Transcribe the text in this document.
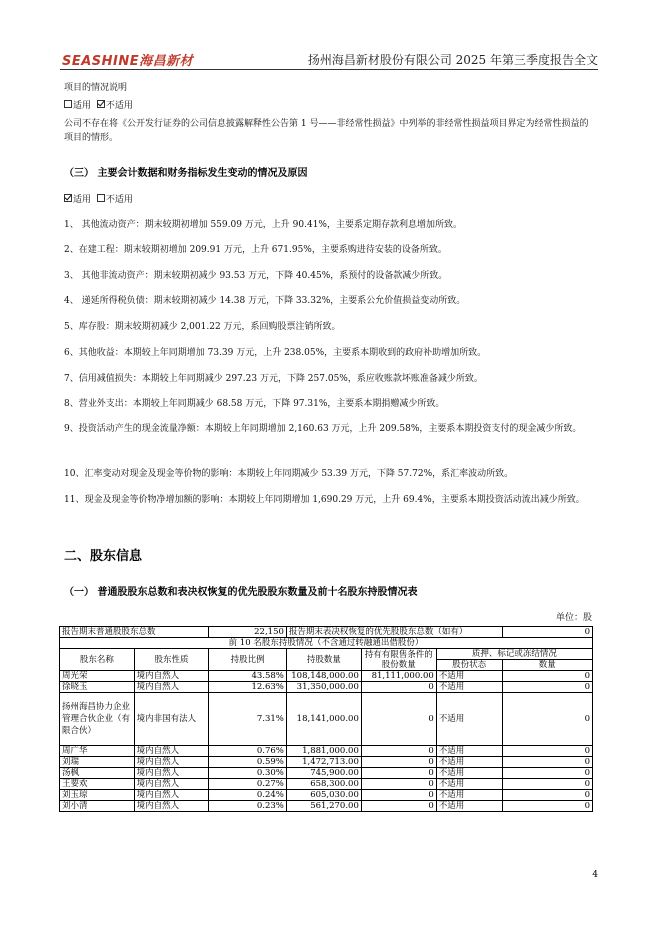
SEASHINE海昌新材	扬州海昌新材股份有限公司 2025 年第三季度报告全文
项目的情况说明
适用 不适用
公司不存在将《公开发行证券的公司信息披露解释性公告第 1 号——非经常性损益》中列举的非经常性损益项目界定为经常性损益的项目的情形。
（三） 主要会计数据和财务指标发生变动的情况及原因
适用 不适用
1、 其他流动资产：期末较期初增加 559.09 万元，上升 90.41%，主要系定期存款利息增加所致。
2、在建工程：期末较期初增加 209.91 万元，上升 671.95%，主要系购进待安装的设备所致。
3、 其他非流动资产：期末较期初减少 93.53 万元，下降 40.45%，系预付的设备款减少所致。
4、 递延所得税负债：期末较期初减少 14.38 万元，下降 33.32%，主要系公允价值损益变动所致。
5、库存股：期末较期初减少 2,001.22 万元，系回购股票注销所致。
6、其他收益：本期较上年同期增加 73.39 万元，上升 238.05%，主要系本期收到的政府补助增加所致。
7、信用减值损失：本期较上年同期减少 297.23 万元，下降 257.05%，系应收账款坏账准备减少所致。
8、营业外支出：本期较上年同期减少 68.58 万元，下降 97.31%，主要系本期捐赠减少所致。
9、投资活动产生的现金流量净额：本期较上年同期增加 2,160.63 万元，上升 209.58%，主要系本期投资支付的现金减少所致。
10、汇率变动对现金及现金等价物的影响：本期较上年同期减少 53.39 万元，下降 57.72%，系汇率波动所致。
11、现金及现金等价物净增加额的影响：本期较上年同期增加 1,690.29 万元，上升 69.4%，主要系本期投资活动流出减少所致。
二、股东信息
（一） 普通股股东总数和表决权恢复的优先股股东数量及前十名股东持股情况表
单位：股
报告期末普通股股东总数		22,150	报告期末表决权恢复的优先股股东总数（如有）			0
前 10 名股东持股情况（不含通过转融通出借股份）						
股东名称	股东性质	持股比例	持股数量	持有有限售条件的股份数量	质押、标记或冻结情况	
					股份状态	数量
周光荣	境内自然人	43.58%	108,148,000.00	81,111,000.00	不适用	0
徐晓玉	境内自然人	12.63%	31,350,000.00	0	不适用	0
扬州海昌协力企业管理合伙企业（有限合伙）	境内非国有法人	7.31%	18,141,000.00	0	不适用	0
周广华	境内自然人	0.76%	1,881,000.00	0	不适用	0
刘瑞	境内自然人	0.59%	1,472,713.00	0	不适用	0
汤枫	境内自然人	0.30%	745,900.00	0	不适用	0
王要欢	境内自然人	0.27%	658,300.00	0	不适用	0
刘玉琼	境内自然人	0.24%	605,030.00	0	不适用	0
刘小清	境内自然人	0.23%	561,270.00	0	不适用	0
4
